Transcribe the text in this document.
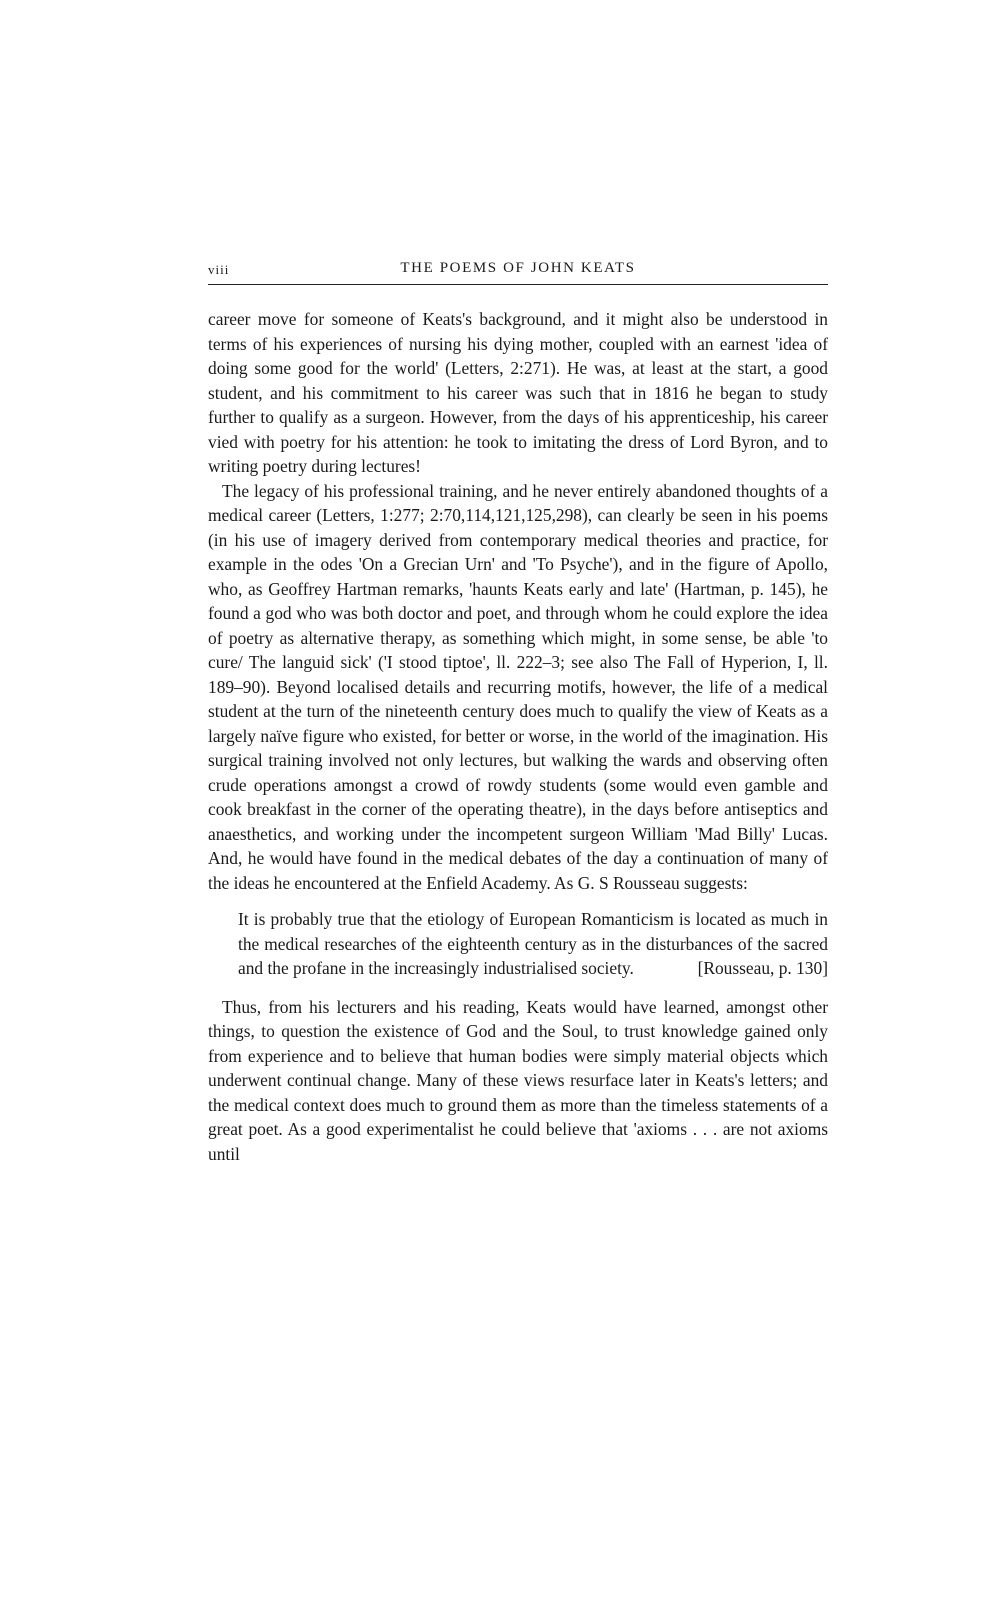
viii	THE POEMS OF JOHN KEATS

career move for someone of Keats's background, and it might also be understood in terms of his experiences of nursing his dying mother, coupled with an earnest 'idea of doing some good for the world' (Letters, 2:271). He was, at least at the start, a good student, and his commitment to his career was such that in 1816 he began to study further to qualify as a surgeon. However, from the days of his apprenticeship, his career vied with poetry for his attention: he took to imitating the dress of Lord Byron, and to writing poetry during lectures!

The legacy of his professional training, and he never entirely abandoned thoughts of a medical career (Letters, 1:277; 2:70,114,121,125,298), can clearly be seen in his poems (in his use of imagery derived from contemporary medical theories and practice, for example in the odes 'On a Grecian Urn' and 'To Psyche'), and in the figure of Apollo, who, as Geoffrey Hartman remarks, 'haunts Keats early and late' (Hartman, p. 145), he found a god who was both doctor and poet, and through whom he could explore the idea of poetry as alternative therapy, as something which might, in some sense, be able 'to cure/ The languid sick' ('I stood tiptoe', ll. 222–3; see also The Fall of Hyperion, I, ll. 189–90). Beyond localised details and recurring motifs, however, the life of a medical student at the turn of the nineteenth century does much to qualify the view of Keats as a largely naïve figure who existed, for better or worse, in the world of the imagination. His surgical training involved not only lectures, but walking the wards and observing often crude operations amongst a crowd of rowdy students (some would even gamble and cook breakfast in the corner of the operating theatre), in the days before antiseptics and anaesthetics, and working under the incompetent surgeon William 'Mad Billy' Lucas. And, he would have found in the medical debates of the day a continuation of many of the ideas he encountered at the Enfield Academy. As G. S Rousseau suggests:

It is probably true that the etiology of European Romanticism is located as much in the medical researches of the eighteenth century as in the disturbances of the sacred and the profane in the increasingly industrialised society.	[Rousseau, p. 130]

Thus, from his lecturers and his reading, Keats would have learned, amongst other things, to question the existence of God and the Soul, to trust knowledge gained only from experience and to believe that human bodies were simply material objects which underwent continual change. Many of these views resurface later in Keats's letters; and the medical context does much to ground them as more than the timeless statements of a great poet. As a good experimentalist he could believe that 'axioms . . . are not axioms until
